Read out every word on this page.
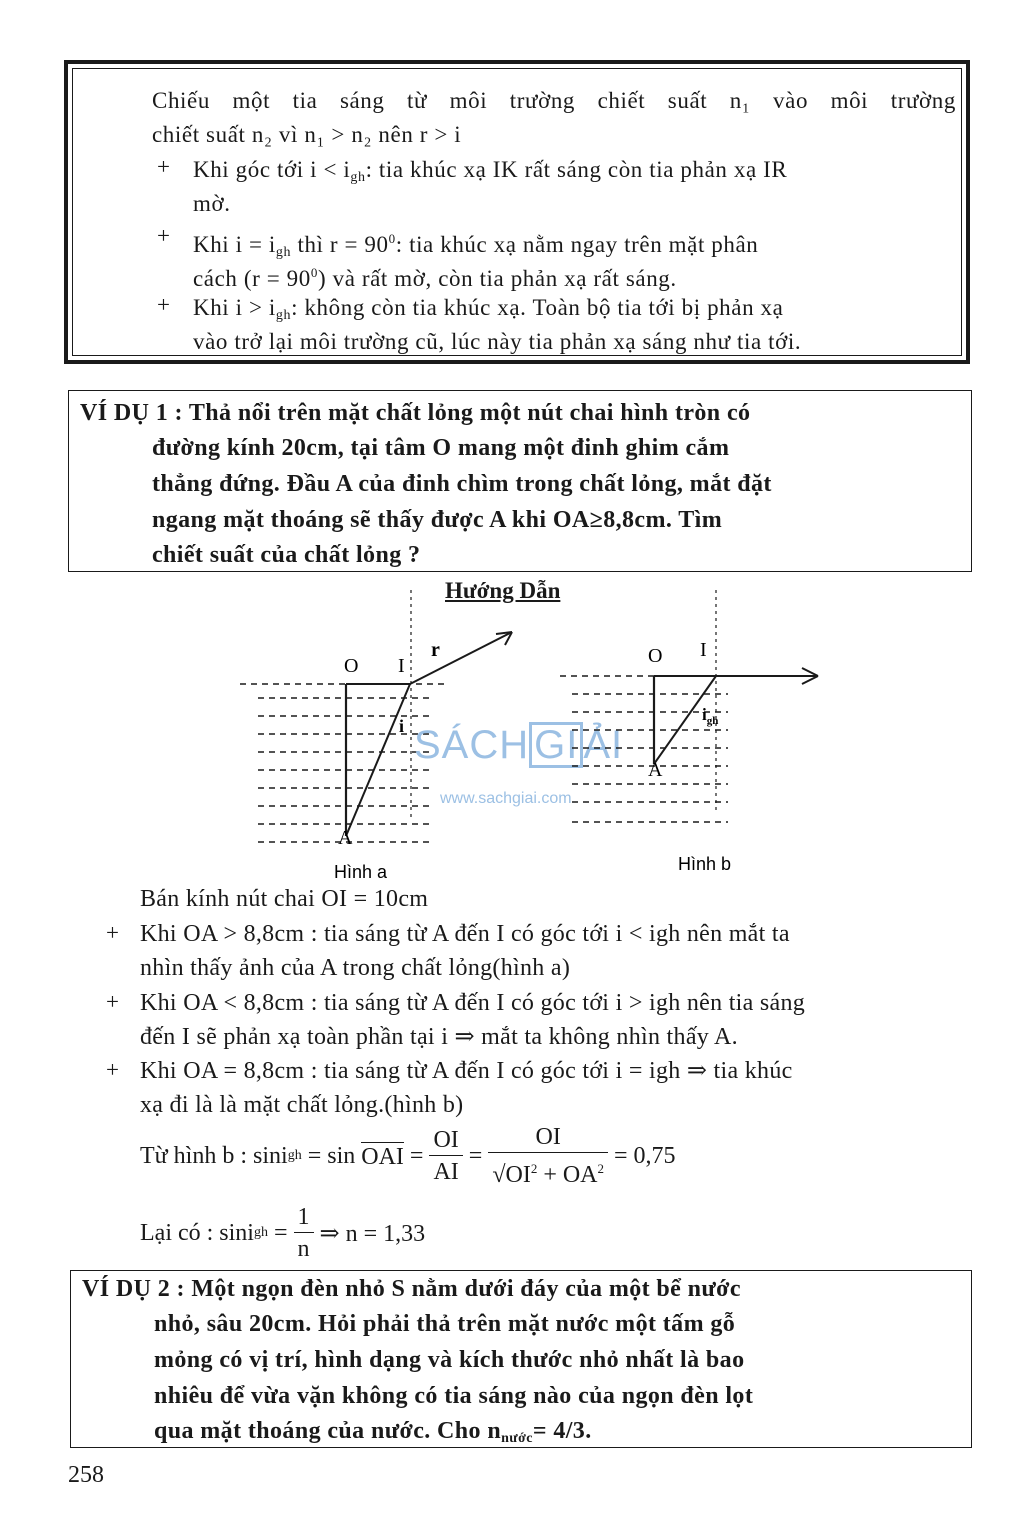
Chiếu một tia sáng từ môi trường chiết suất n₁ vào môi trường
chiết suất n₂ vì n₁ > n₂ nên r > i
+ Khi góc tới $i < i_{gh}$: tia khúc xạ IK rất sáng còn tia phản xạ IR
mờ.
+ Khi $i = i_{gh}$ thì $r = 90^0$: tia khúc xạ nằm ngay trên mặt phân
cách $(r = 90^0)$ và rất mờ, còn tia phản xạ rất sáng.
+ Khi $i > i_{gh}$: không còn tia khúc xạ. Toàn bộ tia tới bị phản xạ
vào trở lại môi trường cũ, lúc này tia phản xạ sáng như tia tới.
VÍ DỤ 1 : Thả nổi trên mặt chất lỏng một nút chai hình tròn có
đường kính 20cm, tại tâm O mang một đinh ghim cắm
thẳng đứng. Đầu A của đinh chìm trong chất lỏng, mắt đặt
ngang mặt thoáng sẽ thấy được A khi OA≥8,8cm. Tìm
chiết suất của chất lỏng ?
Hướng Dẫn
O I
r
i
A
Hình a
SÁCH GI ẢI
www.sachgiai.com
O I
$i_{gh}$
A
Hình b
Bán kính nút chai OI = 10cm
+ Khi OA > 8,8cm : tia sáng từ A đến I có góc tới i < igh nên mắt ta
nhìn thấy ảnh của A trong chất lỏng(hình a)
+ Khi OA < 8,8cm : tia sáng từ A đến I có góc tới i > igh nên tia sáng
đến I sẽ phản xạ toàn phần tại i ⇒ mắt ta không nhìn thấy A.
+ Khi OA = 8,8cm : tia sáng từ A đến I có góc tới i = igh ⇒ tia khúc
xạ đi là là mặt chất lỏng.(hình b)
Từ hình b : sini gh = sin OAI = $\frac{OI}{AI} = \frac{OI}{√OI^2 + OA^2} = 0,75$
Lại có : sini gh = $\frac{1}{n}$ ⇒ n = 1,33
VÍ DỤ 2 : Một ngọn đèn nhỏ S nằm dưới đáy của một bể nước
nhỏ, sâu 20cm. Hỏi phải thả trên mặt nước một tấm gỗ
mỏng có vị trí, hình dạng và kích thước nhỏ nhất là bao
nhiêu để vừa vặn không có tia sáng nào của ngọn đèn lọt
qua mặt thoáng của nước. Cho $n_{nước}= 4/3$.
258
